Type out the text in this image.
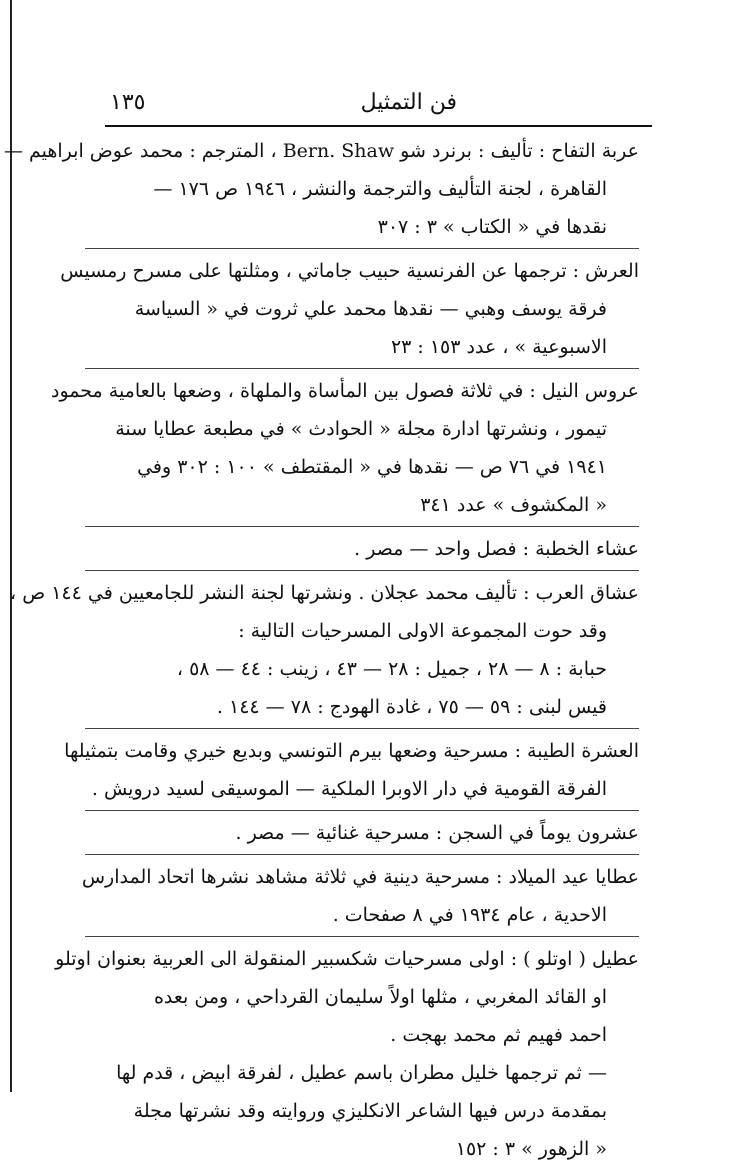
فن التمثيل
١٣٥
عربة التفاح : تأليف : برنرد شو Bern. Shaw ، المترجم : محمد عوض ابراهيم —
القاهرة ، لجنة التأليف والترجمة والنشر ، ١٩٤٦ ص ١٧٦ —
نقدها في « الكتاب » ٣ : ٣٠٧
العرش : ترجمها عن الفرنسية حبيب جاماتي ، ومثلتها على مسرح رمسيس
فرقة يوسف وهبي — نقدها محمد علي ثروت في « السياسة
الاسبوعية » ، عدد ١٥٣ : ٢٣
عروس النيل : في ثلاثة فصول بين المأساة والملهاة ، وضعها بالعامية محمود
تيمور ، ونشرتها ادارة مجلة « الحوادث » في مطبعة عطايا سنة
١٩٤١ في ٧٦ ص — نقدها في « المقتطف » ١٠٠ : ٣٠٢ وفي
« المكشوف » عدد ٣٤١
عشاء الخطبة : فصل واحد — مصر .
عشاق العرب : تأليف محمد عجلان . ونشرتها لجنة النشر للجامعيين في ١٤٤ ص ،
وقد حوت المجموعة الاولى المسرحيات التالية :
حبابة : ٨ — ٢٨ ، جميل : ٢٨ — ٤٣ ، زينب : ٤٤ — ٥٨ ،
قيس لبنى : ٥٩ — ٧٥ ، غادة الهودج : ٧٨ — ١٤٤ .
العشرة الطيبة : مسرحية وضعها بيرم التونسي وبديع خيري وقامت بتمثيلها
الفرقة القومية في دار الاوبرا الملكية — الموسيقى لسيد درويش .
عشرون يوماً في السجن : مسرحية غنائية — مصر .
عطايا عيد الميلاد : مسرحية دينية في ثلاثة مشاهد نشرها اتحاد المدارس
الاحدية ، عام ١٩٣٤ في ٨ صفحات .
عطيل ( اوتلو ) : اولى مسرحيات شكسبير المنقولة الى العربية بعنوان اوتلو
او القائد المغربي ، مثلها اولاً سليمان القرداحي ، ومن بعده
احمد فهيم ثم محمد بهجت .
— ثم ترجمها خليل مطران باسم عطيل ، لفرقة ابيض ، قدم لها
بمقدمة درس فيها الشاعر الانكليزي وروايته وقد نشرتها مجلة
« الزهور » ٣ : ١٥٢
